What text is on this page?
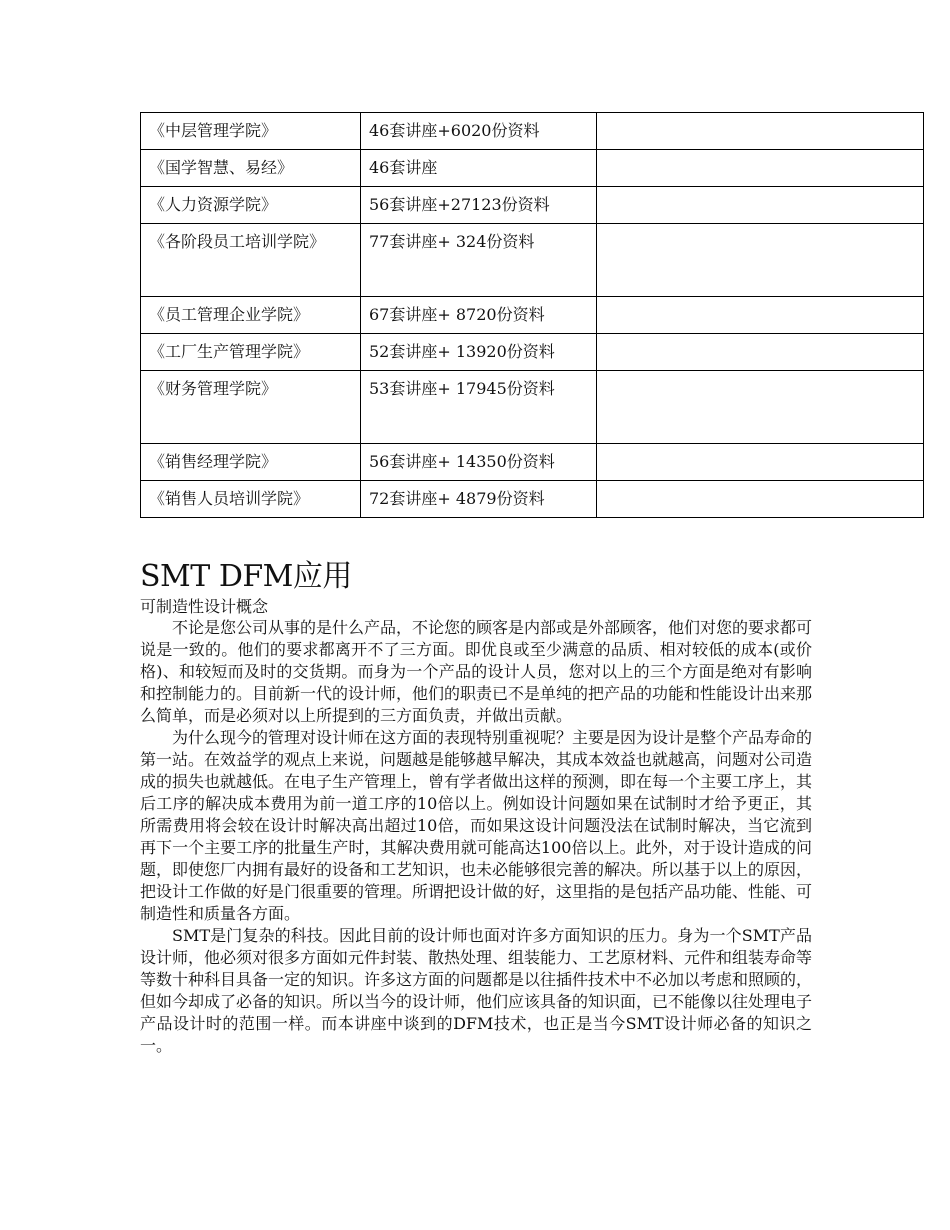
《中层管理学院》	46套讲座+6020份资料	
《国学智慧、易经》	46套讲座	
《人力资源学院》	56套讲座+27123份资料	
《各阶段员工培训学院》	77套讲座+ 324份资料	
《员工管理企业学院》	67套讲座+ 8720份资料	
《工厂生产管理学院》	52套讲座+ 13920份资料	
《财务管理学院》	53套讲座+ 17945份资料	
《销售经理学院》	56套讲座+ 14350份资料	
《销售人员培训学院》	72套讲座+ 4879份资料	
SMT DFM应用
可制造性设计概念

不论是您公司从事的是什么产品，不论您的顾客是内部或是外部顾客，他们对您的要求都可说是一致的。他们的要求都离开不了三方面。即优良或至少满意的品质、相对较低的成本(或价格)、和较短而及时的交货期。而身为一个产品的设计人员，您对以上的三个方面是绝对有影响和控制能力的。目前新一代的设计师，他们的职责已不是单纯的把产品的功能和性能设计出来那么简单，而是必须对以上所提到的三方面负责，并做出贡献。

为什么现今的管理对设计师在这方面的表现特别重视呢？主要是因为设计是整个产品寿命的第一站。在效益学的观点上来说，问题越是能够越早解决，其成本效益也就越高，问题对公司造成的损失也就越低。在电子生产管理上，曾有学者做出这样的预测，即在每一个主要工序上，其后工序的解决成本费用为前一道工序的10倍以上。例如设计问题如果在试制时才给予更正，其所需费用将会较在设计时解决高出超过10倍，而如果这设计问题没法在试制时解决，当它流到再下一个主要工序的批量生产时，其解决费用就可能高达100倍以上。此外，对于设计造成的问题，即使您厂内拥有最好的设备和工艺知识，也未必能够很完善的解决。所以基于以上的原因，把设计工作做的好是门很重要的管理。所谓把设计做的好，这里指的是包括产品功能、性能、可制造性和质量各方面。

SMT是门复杂的科技。因此目前的设计师也面对许多方面知识的压力。身为一个SMT产品设计师，他必须对很多方面如元件封装、散热处理、组装能力、工艺原材料、元件和组装寿命等等数十种科目具备一定的知识。许多这方面的问题都是以往插件技术中不必加以考虑和照顾的，但如今却成了必备的知识。所以当今的设计师，他们应该具备的知识面，已不能像以往处理电子产品设计时的范围一样。而本讲座中谈到的DFM技术，也正是当今SMT设计师必备的知识之一。
